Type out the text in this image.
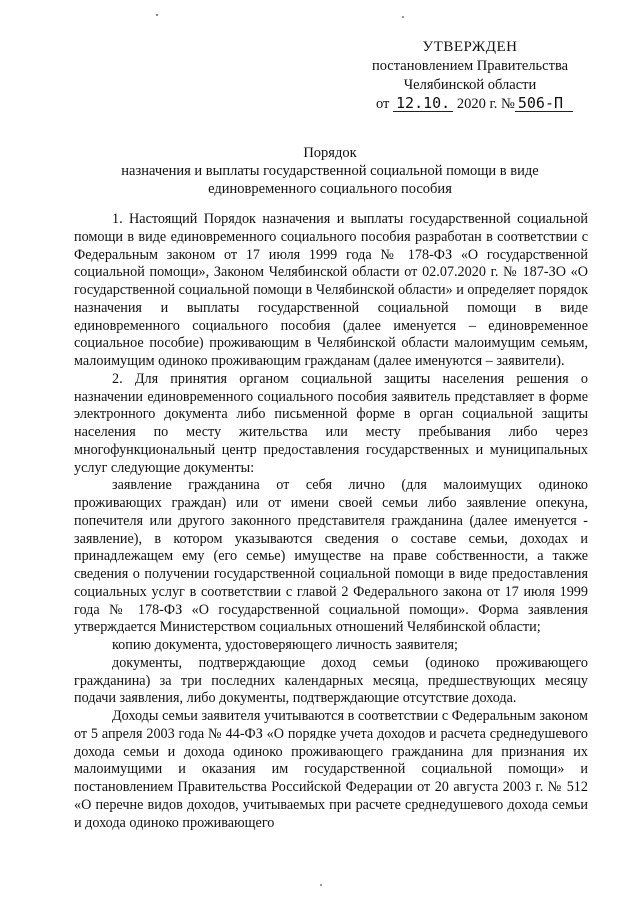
УТВЕРЖДЕН
постановлением Правительства
Челябинской области
от 12.10. 2020 г. № 506-П
Порядок
назначения и выплаты государственной социальной помощи в виде
единовременного социального пособия

1. Настоящий Порядок назначения и выплаты государственной социальной помощи в виде единовременного социального пособия разработан в соответствии с Федеральным законом от 17 июля 1999 года № 178-ФЗ «О государственной социальной помощи», Законом Челябинской области от 02.07.2020 г. № 187-ЗО «О государственной социальной помощи в Челябинской области» и определяет порядок назначения и выплаты государственной социальной помощи в виде единовременного социального пособия (далее именуется – единовременное социальное пособие) проживающим в Челябинской области малоимущим семьям, малоимущим одиноко проживающим гражданам (далее именуются – заявители).

2. Для принятия органом социальной защиты населения решения о назначении единовременного социального пособия заявитель представляет в форме электронного документа либо письменной форме в орган социальной защиты населения по месту жительства или месту пребывания либо через многофункциональный центр предоставления государственных и муниципальных услуг следующие документы:

заявление гражданина от себя лично (для малоимущих одиноко проживающих граждан) или от имени своей семьи либо заявление опекуна, попечителя или другого законного представителя гражданина (далее именуется - заявление), в котором указываются сведения о составе семьи, доходах и принадлежащем ему (его семье) имуществе на праве собственности, а также сведения о получении государственной социальной помощи в виде предоставления социальных услуг в соответствии с главой 2 Федерального закона от 17 июля 1999 года № 178-ФЗ «О государственной социальной помощи». Форма заявления утверждается Министерством социальных отношений Челябинской области;

копию документа, удостоверяющего личность заявителя;

документы, подтверждающие доход семьи (одиноко проживающего гражданина) за три последних календарных месяца, предшествующих месяцу подачи заявления, либо документы, подтверждающие отсутствие дохода.

Доходы семьи заявителя учитываются в соответствии с Федеральным законом от 5 апреля 2003 года № 44-ФЗ «О порядке учета доходов и расчета среднедушевого дохода семьи и дохода одиноко проживающего гражданина для признания их малоимущими и оказания им государственной социальной помощи» и постановлением Правительства Российской Федерации от 20 августа 2003 г. № 512 «О перечне видов доходов, учитываемых при расчете среднедушевого дохода семьи и дохода одиноко проживающего
